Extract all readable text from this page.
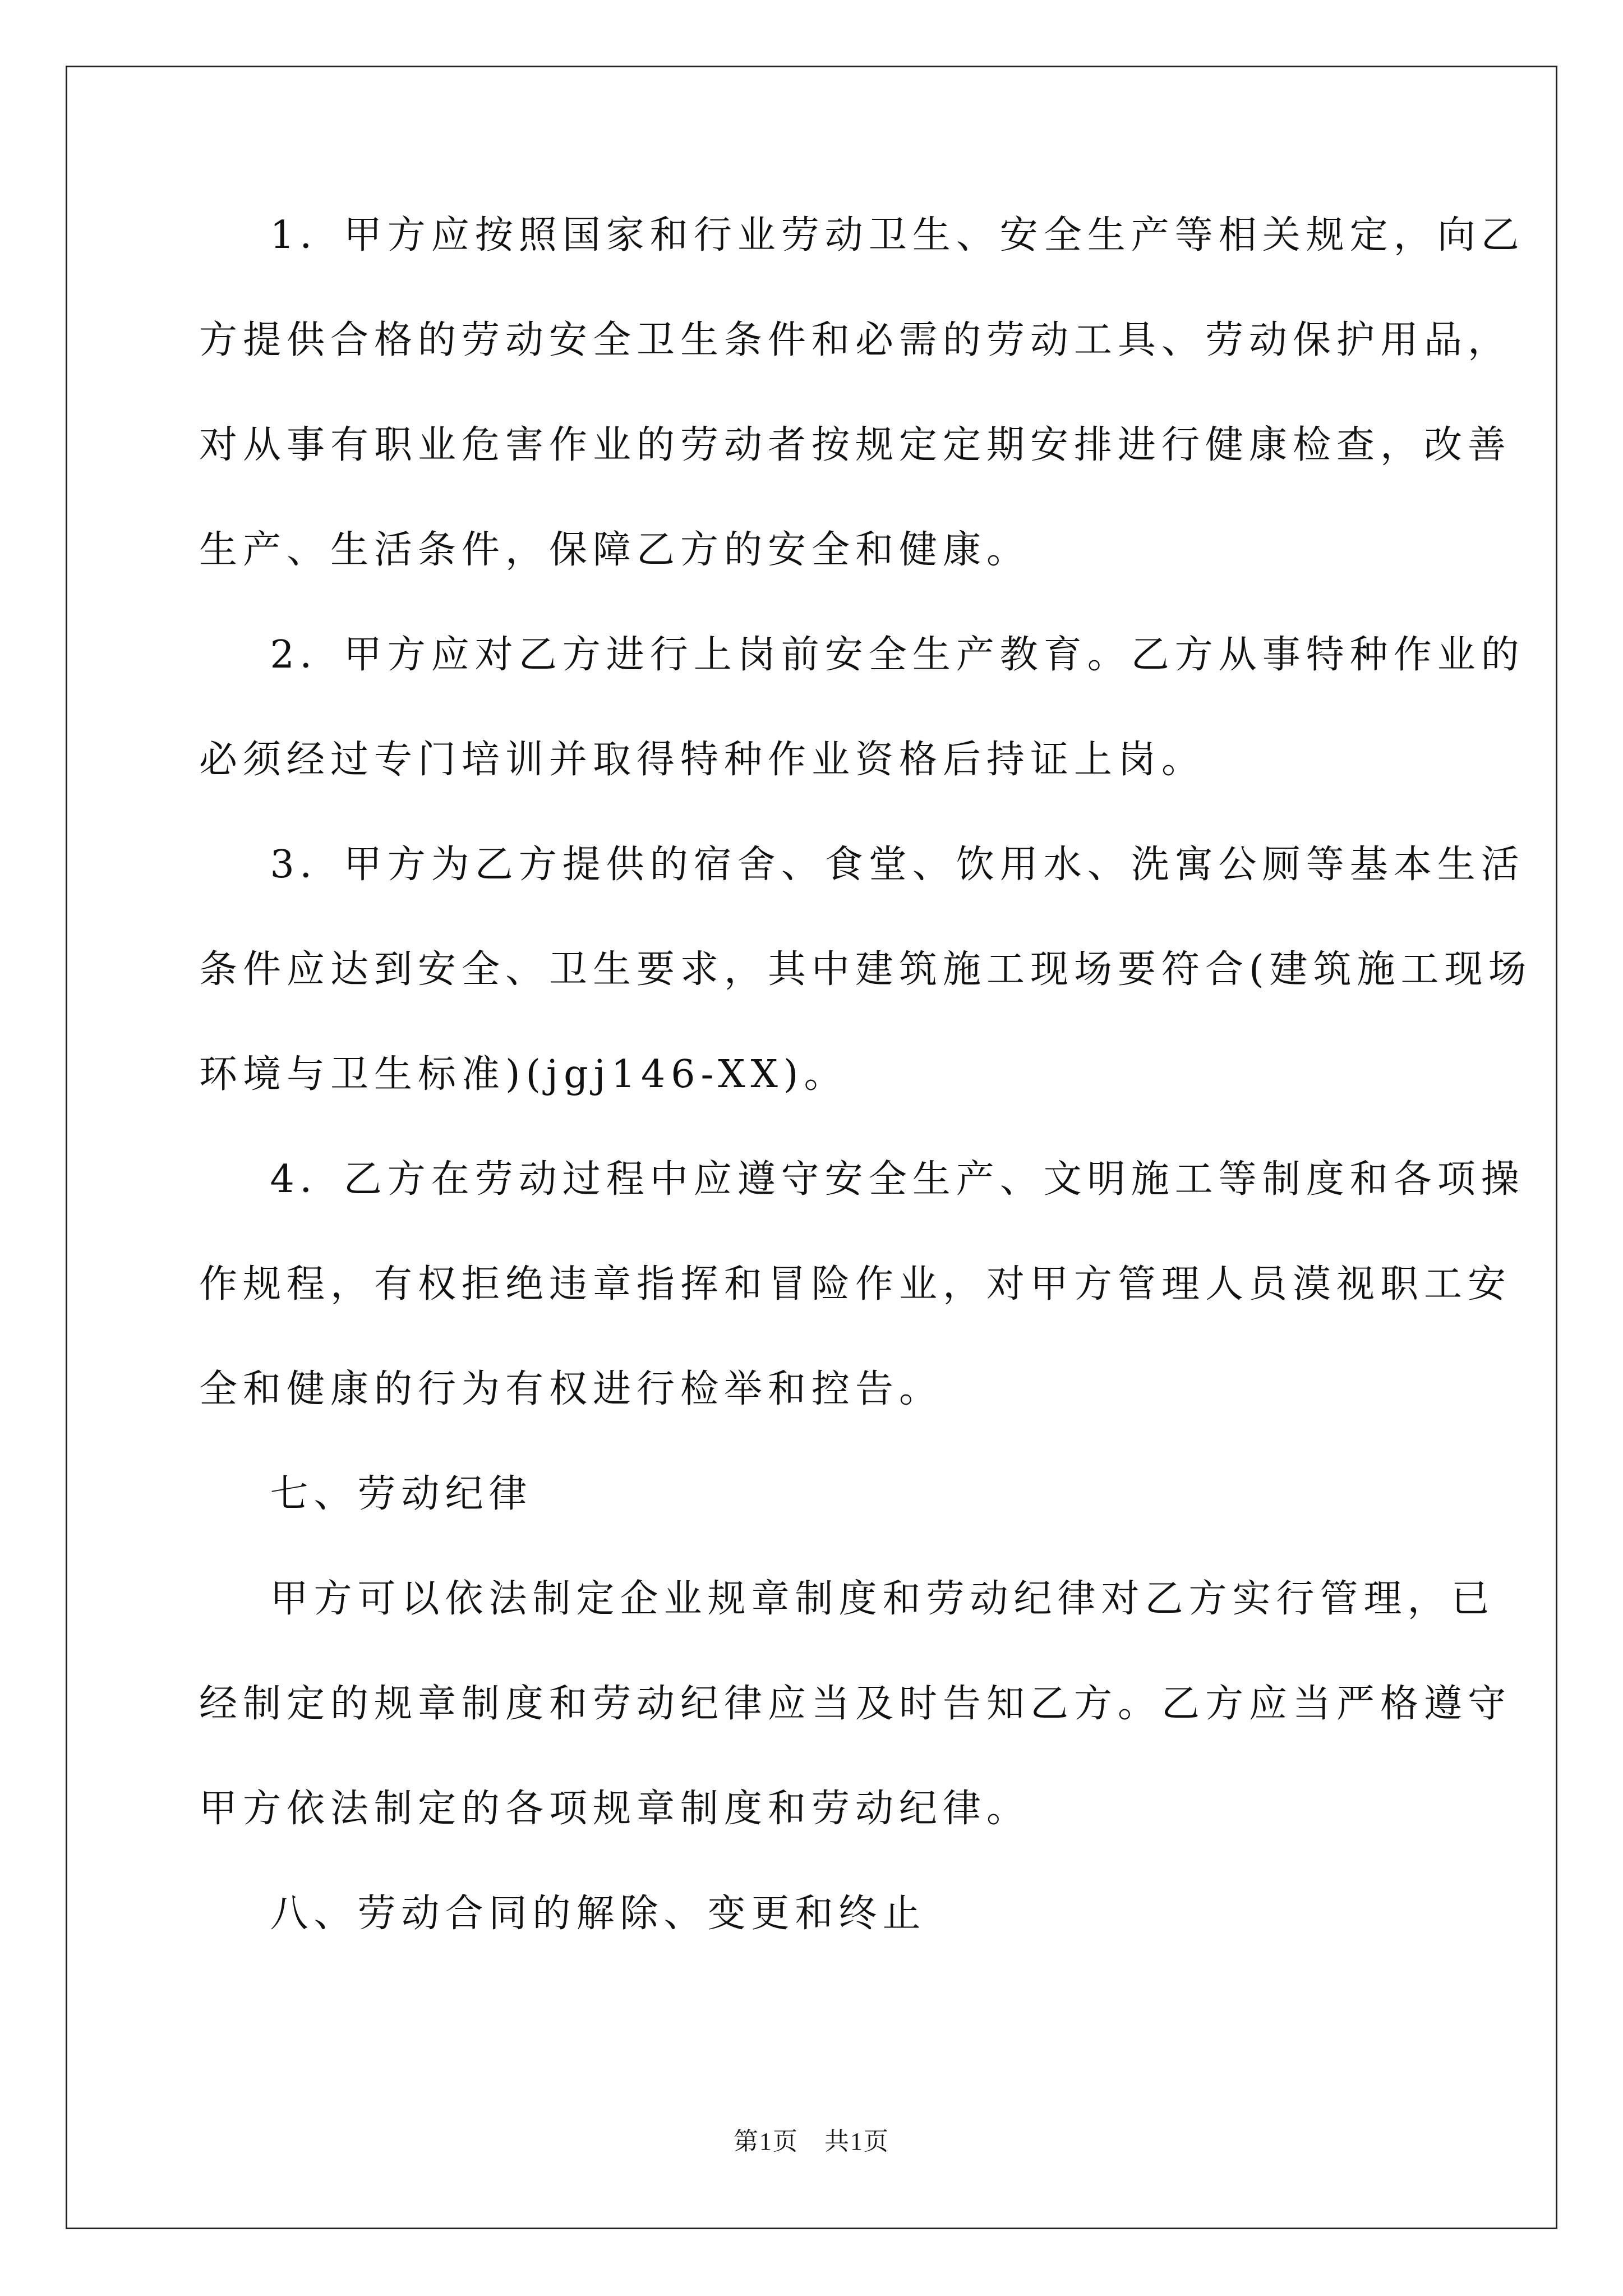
1．甲方应按照国家和行业劳动卫生、安全生产等相关规定，向乙
方提供合格的劳动安全卫生条件和必需的劳动工具、劳动保护用品，
对从事有职业危害作业的劳动者按规定定期安排进行健康检查，改善
生产、生活条件，保障乙方的安全和健康。
2．甲方应对乙方进行上岗前安全生产教育。乙方从事特种作业的
必须经过专门培训并取得特种作业资格后持证上岗。
3．甲方为乙方提供的宿舍、食堂、饮用水、洗寓公厕等基本生活
条件应达到安全、卫生要求，其中建筑施工现场要符合(建筑施工现场
环境与卫生标准)(jgj146-XX)。
4．乙方在劳动过程中应遵守安全生产、文明施工等制度和各项操
作规程，有权拒绝违章指挥和冒险作业，对甲方管理人员漠视职工安
全和健康的行为有权进行检举和控告。
七、劳动纪律
甲方可以依法制定企业规章制度和劳动纪律对乙方实行管理，已
经制定的规章制度和劳动纪律应当及时告知乙方。乙方应当严格遵守
甲方依法制定的各项规章制度和劳动纪律。
八、劳动合同的解除、变更和终止
第1页　共1页
